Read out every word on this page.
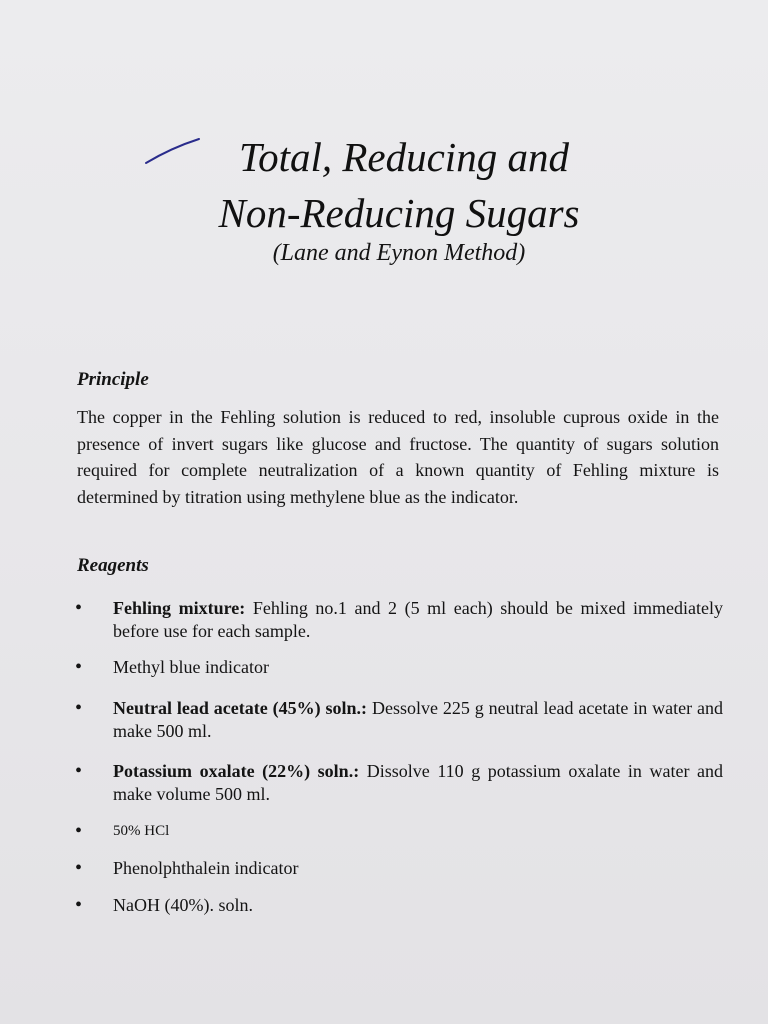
Total, Reducing and
Non-Reducing Sugars
(Lane and Eynon Method)
Principle

The copper in the Fehling solution is reduced to red, insoluble cuprous oxide in the presence of invert sugars like glucose and fructose. The quantity of sugars solution required for complete neutralization of a known quantity of Fehling mixture is determined by titration using methylene blue as the indicator.

Reagents
• Fehling mixture: Fehling no.1 and 2 (5 ml each) should be mixed immediately before use for each sample.
• Methyl blue indicator
• Neutral lead acetate (45%) soln.: Dessolve 225 g neutral lead acetate in water and make 500 ml.
• Potassium oxalate (22%) soln.: Dissolve 110 g potassium oxalate in water and make volume 500 ml.
• 50% HCl
• Phenolphthalein indicator
• NaOH (40%). soln.
